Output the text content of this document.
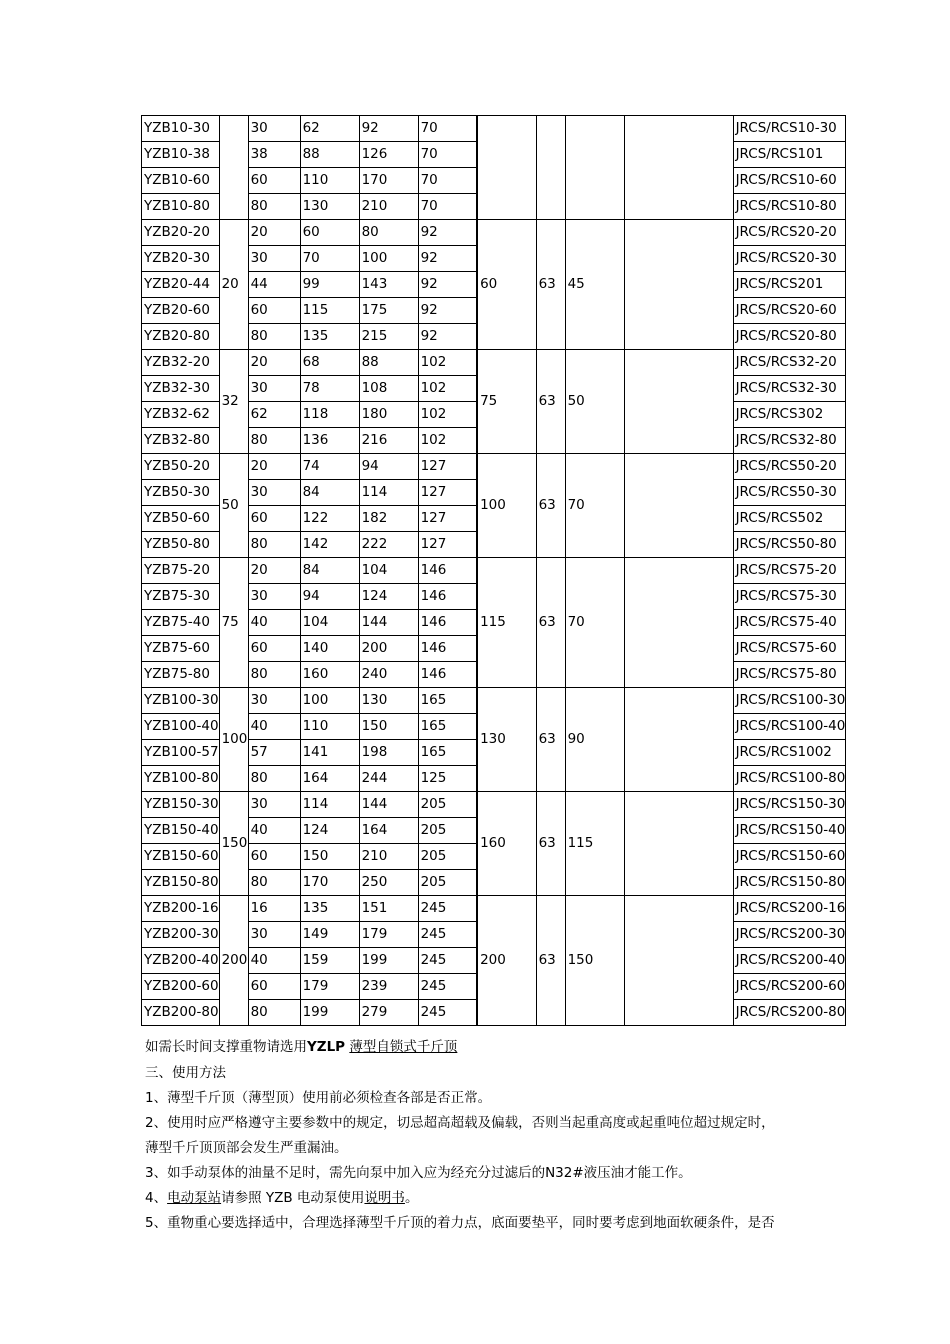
YZB10-30		30	62	92	70					JRCS/RCS10-30
YZB10-38		38	88	126	70					JRCS/RCS101
YZB10-60		60	110	170	70					JRCS/RCS10-60
YZB10-80		80	130	210	70					JRCS/RCS10-80
YZB20-20	20	20	60	80	92	60	63	45		JRCS/RCS20-20
YZB20-30		30	70	100	92					JRCS/RCS20-30
YZB20-44		44	99	143	92					JRCS/RCS201
YZB20-60		60	115	175	92					JRCS/RCS20-60
YZB20-80		80	135	215	92					JRCS/RCS20-80
YZB32-20	32	20	68	88	102	75	63	50		JRCS/RCS32-20
YZB32-30		30	78	108	102					JRCS/RCS32-30
YZB32-62		62	118	180	102					JRCS/RCS302
YZB32-80		80	136	216	102					JRCS/RCS32-80
YZB50-20	50	20	74	94	127	100	63	70		JRCS/RCS50-20
YZB50-30		30	84	114	127					JRCS/RCS50-30
YZB50-60		60	122	182	127					JRCS/RCS502
YZB50-80		80	142	222	127					JRCS/RCS50-80
YZB75-20	75	20	84	104	146	115	63	70		JRCS/RCS75-20
YZB75-30		30	94	124	146					JRCS/RCS75-30
YZB75-40		40	104	144	146					JRCS/RCS75-40
YZB75-60		60	140	200	146					JRCS/RCS75-60
YZB75-80		80	160	240	146					JRCS/RCS75-80
YZB100-30	100	30	100	130	165	130	63	90		JRCS/RCS100-30
YZB100-40		40	110	150	165					JRCS/RCS100-40
YZB100-57		57	141	198	165					JRCS/RCS1002
YZB100-80		80	164	244	125					JRCS/RCS100-80
YZB150-30	150	30	114	144	205	160	63	115		JRCS/RCS150-30
YZB150-40		40	124	164	205					JRCS/RCS150-40
YZB150-60		60	150	210	205					JRCS/RCS150-60
YZB150-80		80	170	250	205					JRCS/RCS150-80
YZB200-16	200	16	135	151	245	200	63	150		JRCS/RCS200-16
YZB200-30		30	149	179	245					JRCS/RCS200-30
YZB200-40		40	159	199	245					JRCS/RCS200-40
YZB200-60		60	179	239	245					JRCS/RCS200-60
YZB200-80		80	199	279	245					JRCS/RCS200-80
如需长时间支撑重物请选用YZLP 薄型自锁式千斤顶
三、使用方法
1、薄型千斤顶（薄型顶）使用前必须检查各部是否正常。
2、使用时应严格遵守主要参数中的规定，切忌超高超载及偏载，否则当起重高度或起重吨位超过规定时，
薄型千斤顶顶部会发生严重漏油。
3、如手动泵体的油量不足时，需先向泵中加入应为经充分过滤后的N32#液压油才能工作。
4、电动泵站请参照 YZB 电动泵使用说明书。
5、重物重心要选择适中，合理选择薄型千斤顶的着力点，底面要垫平，同时要考虑到地面软硬条件，是否
